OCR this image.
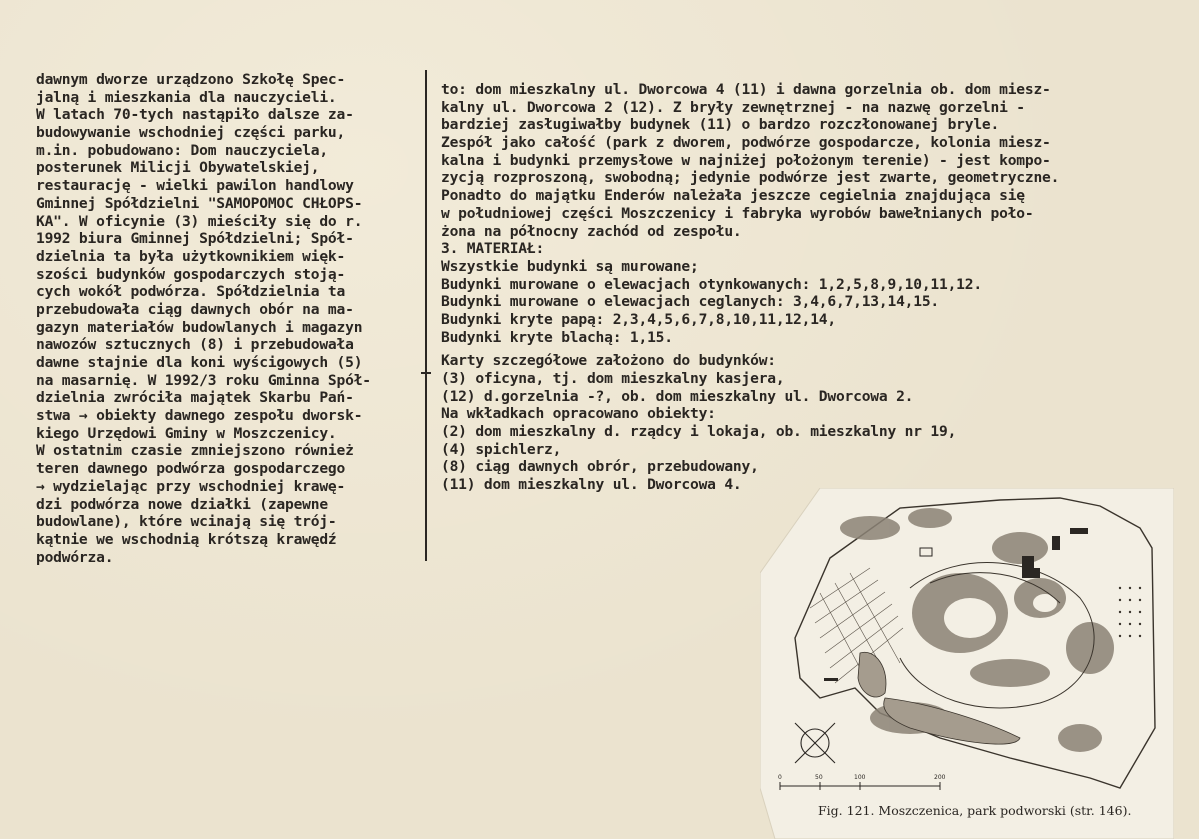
dawnym dworze urządzono Szkołę Spec-
jalną i mieszkania dla nauczycieli.
W latach 70-tych nastąpiło dalsze za-
budowywanie wschodniej części parku,
m.in. pobudowano: Dom nauczyciela,
posterunek Milicji Obywatelskiej,
restaurację - wielki pawilon handlowy
Gminnej Spółdzielni "SAMOPOMOC CHŁOPS-
KA". W oficynie (3) mieściły się do r.
1992 biura Gminnej Spółdzielni; Spół-
dzielnia ta była użytkownikiem więk-
szości budynków gospodarczych stoją-
cych wokół podwórza. Spółdzielnia ta
przebudowała ciąg dawnych obór na ma-
gazyn materiałów budowlanych i magazyn
nawozów sztucznych (8) i przebudowała
dawne stajnie dla koni wyścigowych (5)
na masarnię. W 1992/3 roku Gminna Spół-
dzielnia zwróciła majątek Skarbu Pań-
stwa → obiekty dawnego zespołu dworsk-
kiego Urzędowi Gminy w Moszczenicy.
W ostatnim czasie zmniejszono również
teren dawnego podwórza gospodarczego
→ wydzielając przy wschodniej krawę-
dzi podwórza nowe działki (zapewne
budowlane), które wcinają się trój-
kątnie we wschodnią krótszą krawędź
podwórza.
to: dom mieszkalny ul. Dworcowa 4 (11) i dawna gorzelnia ob. dom miesz-
kalny ul. Dworcowa 2 (12). Z bryły zewnętrznej - na nazwę gorzelni -
bardziej zasługiwałby budynek (11) o bardzo rozczłonowanej bryle.
Zespół jako całość (park z dworem, podwórze gospodarcze, kolonia miesz-
kalna i budynki przemysłowe w najniżej położonym terenie) - jest kompo-
zycją rozproszoną, swobodną; jedynie podwórze jest zwarte, geometryczne.
Ponadto do majątku Enderów należała jeszcze cegielnia znajdująca się
w południowej części Moszczenicy i fabryka wyrobów bawełnianych poło-
żona na północny zachód od zespołu.
3. MATERIAŁ:
Wszystkie budynki są murowane;
Budynki murowane o elewacjach otynkowanych: 1,2,5,8,9,10,11,12.
Budynki murowane o elewacjach ceglanych: 3,4,6,7,13,14,15.
Budynki kryte papą: 2,3,4,5,6,7,8,10,11,12,14,
Budynki kryte blachą: 1,15.
Karty szczegółowe założono do budynków:
(3) oficyna, tj. dom mieszkalny kasjera,
(12) d.gorzelnia -?, ob. dom mieszkalny ul. Dworcowa 2.
Na wkładkach opracowano obiekty:
(2) dom mieszkalny d. rządcy i lokaja, ob. mieszkalny nr 19,
(4) spichlerz,
(8) ciąg dawnych obrór, przebudowany,
(11) dom mieszkalny ul. Dworcowa 4.
0	50	100	200
Fig. 121. Moszczenica, park podworski (str. 146).
